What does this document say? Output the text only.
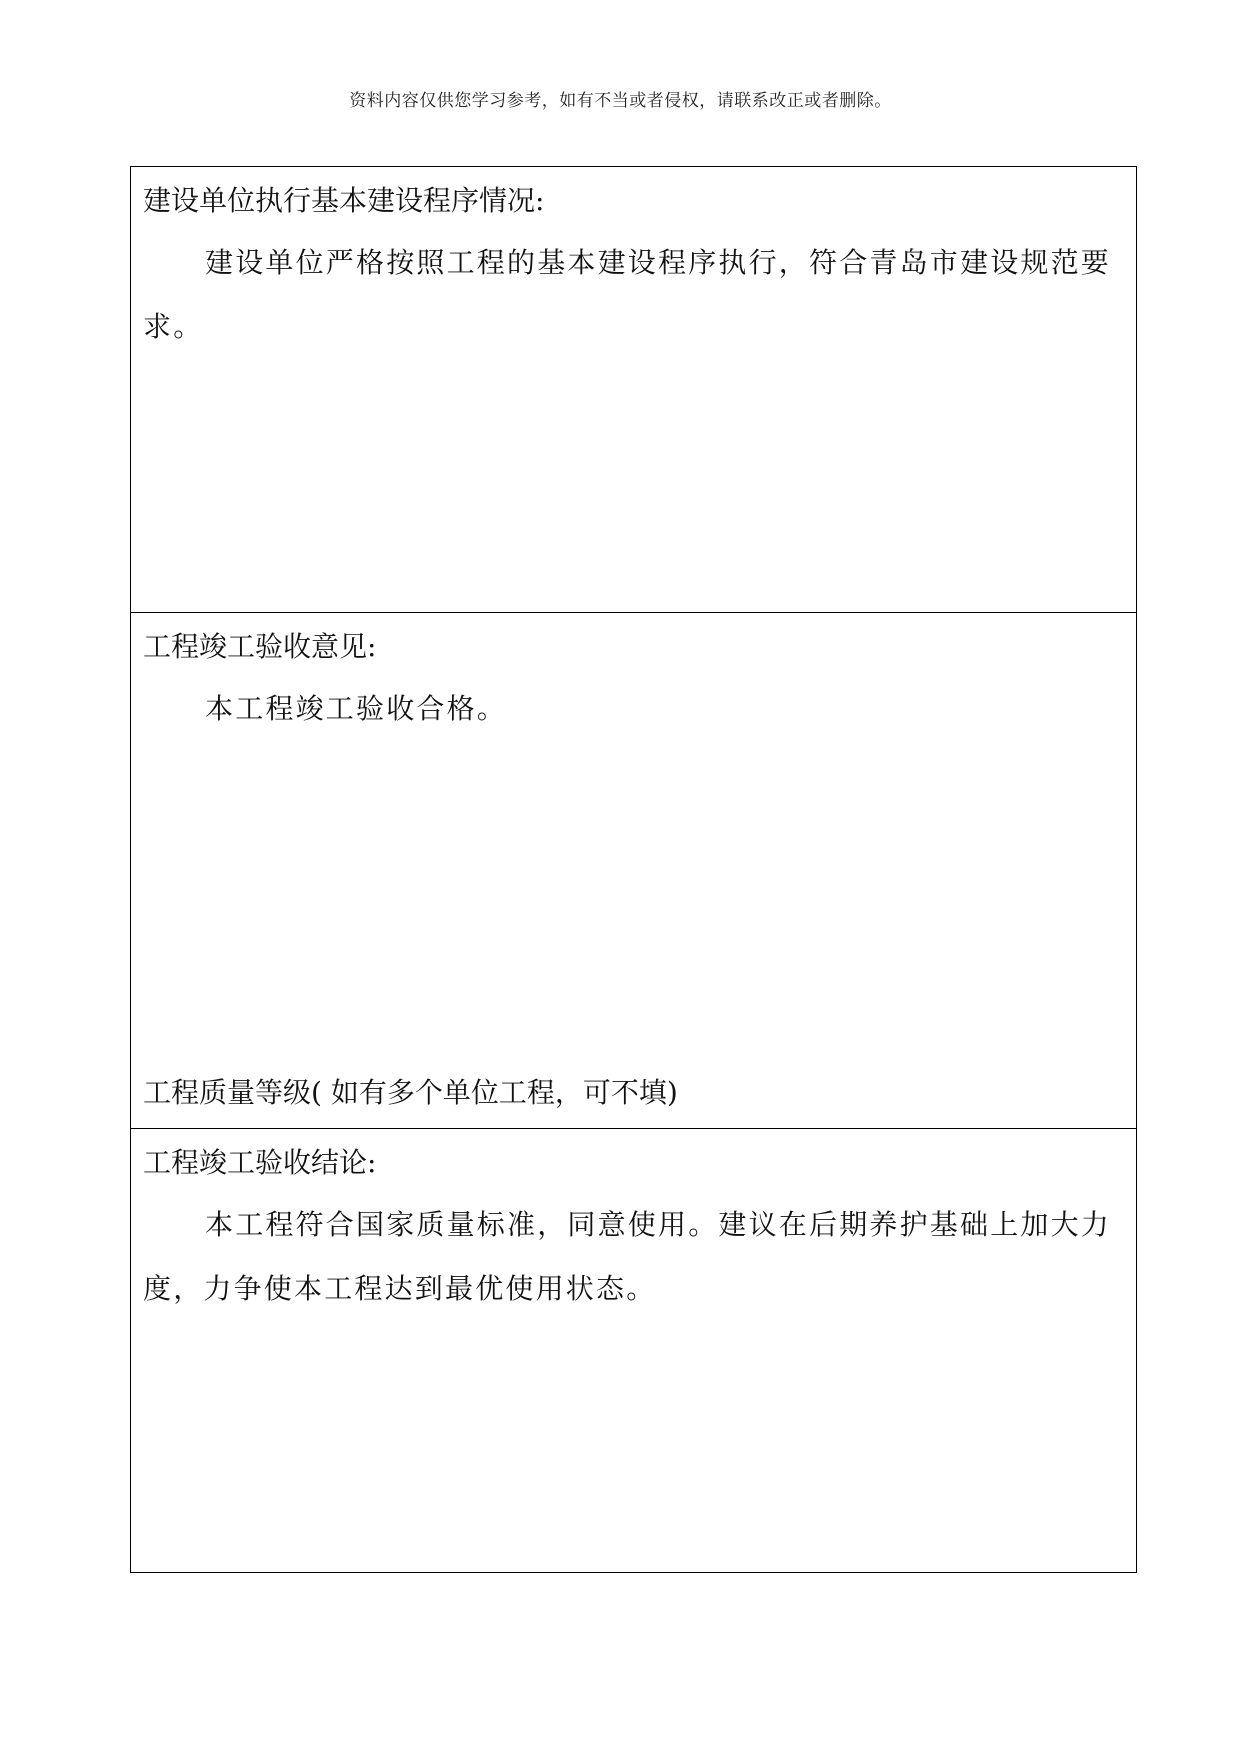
资料内容仅供您学习参考，如有不当或者侵权，请联系改正或者删除。
建设单位执行基本建设程序情况:
建设单位严格按照工程的基本建设程序执行，符合青岛市建设规范要求。
工程竣工验收意见:
本工程竣工验收合格。
工程质量等级( 如有多个单位工程，可不填)
工程竣工验收结论:
本工程符合国家质量标准，同意使用。建议在后期养护基础上加大力度，力争使本工程达到最优使用状态。
